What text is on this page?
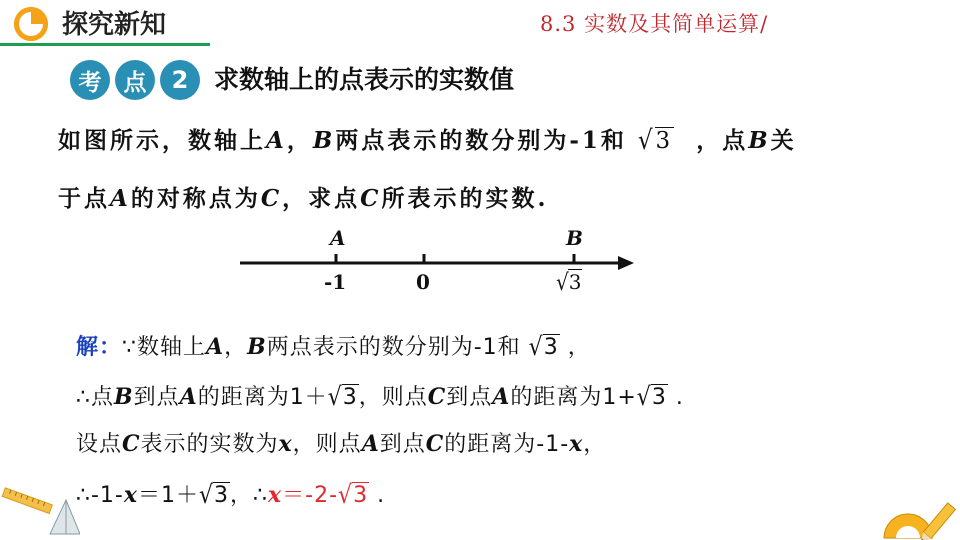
探究新知	8.3 实数及其简单运算/
考 点	2	求数轴上的点表示的实数值
如图所示，数轴上A，B两点表示的数分别为-1和 √3 ，点B关
于点A的对称点为C，求点C所表示的实数.
A	B
-1	0	√3
解：∵数轴上A，B两点表示的数分别为-1和 √3 ，
∴点B到点A的距离为1＋√3，则点C到点A的距离为1+√3 .
设点C表示的实数为x，则点A到点C的距离为-1-x，
∴-1-x＝1＋√3，∴x＝-2-√3 .
